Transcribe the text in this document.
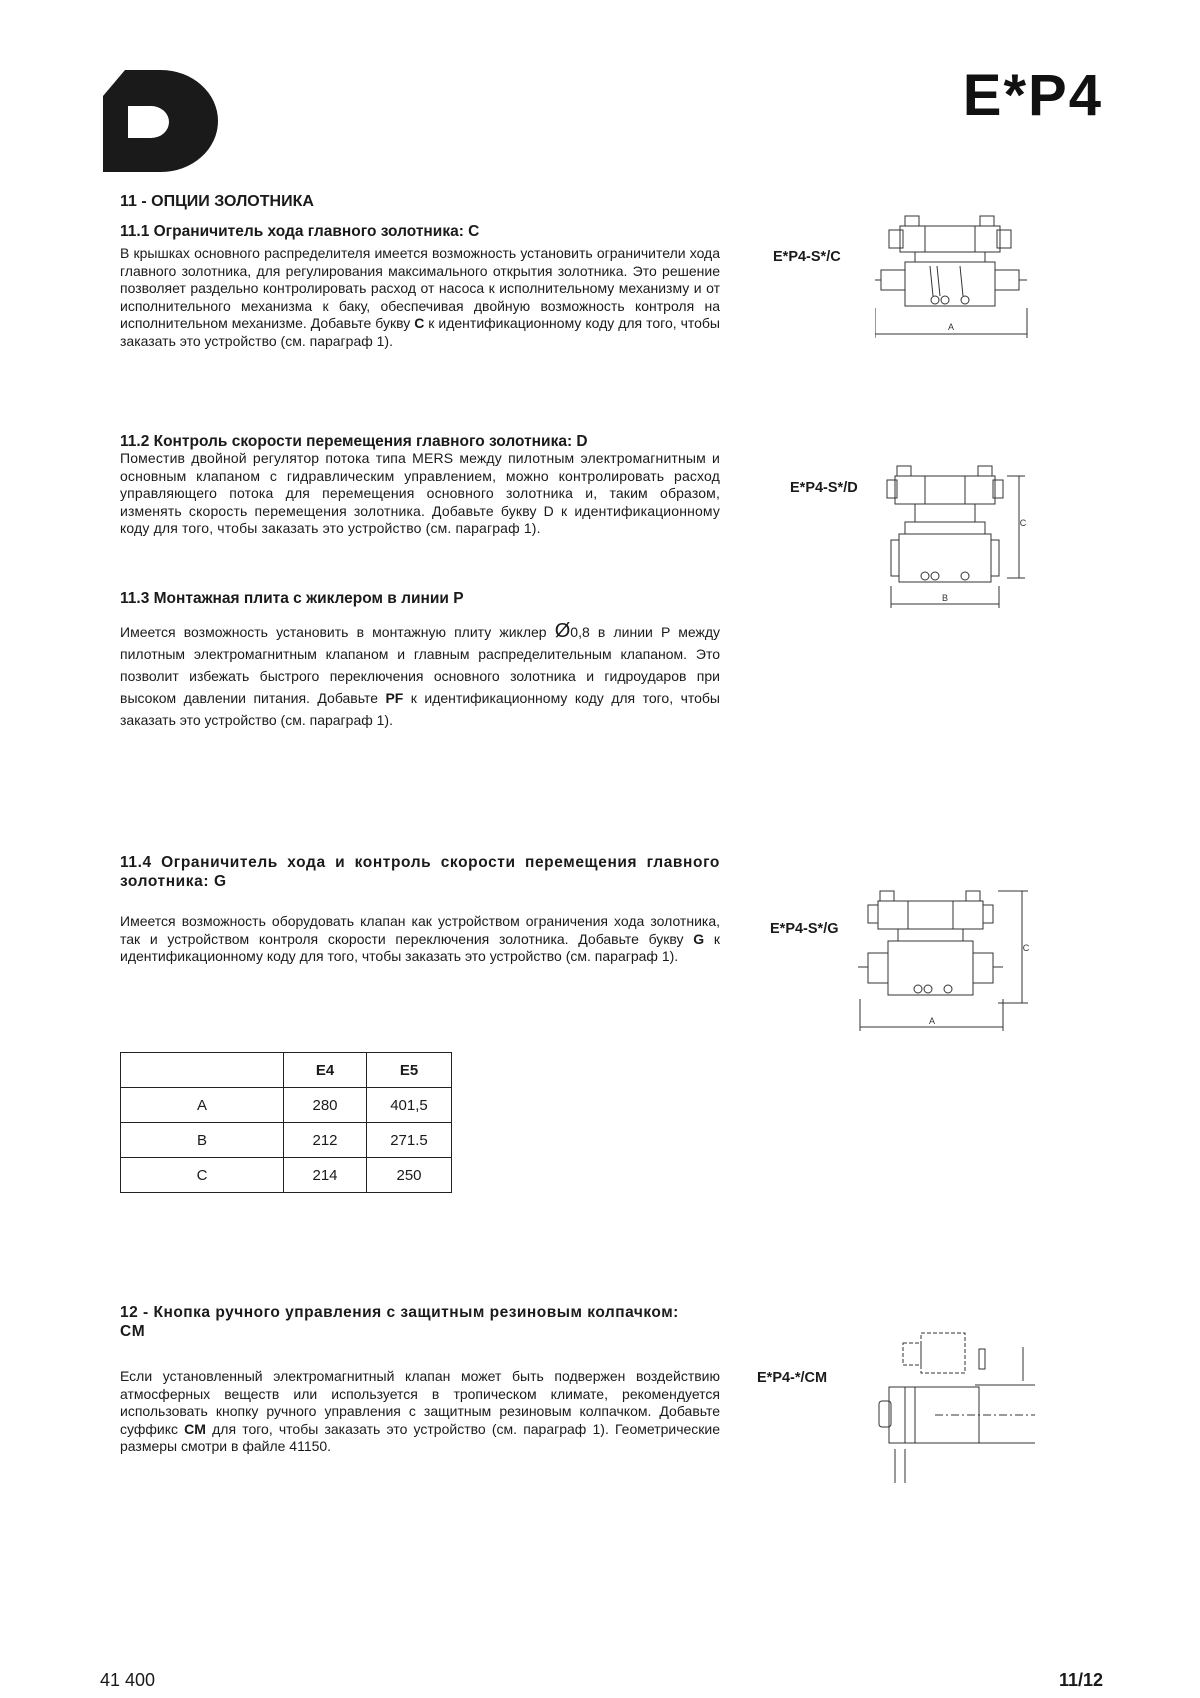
E*P4
11 - ОПЦИИ ЗОЛОТНИКА
11.1 Ограничитель хода главного золотника: С
В крышках основного распределителя имеется возможность установить ограничители хода главного золотника, для регулирования максимального открытия золотника. Это решение позволяет раздельно контролировать расход от насоса к исполнительному механизму и от исполнительного механизма к баку, обеспечивая двойную возможность контроля на исполнительном механизме. Добавьте букву C к идентификационному коду для того, чтобы заказать это устройство (см. параграф 1).
E*P4-S*/C
A
11.2 Контроль скорости перемещения главного золотника: D
Поместив двойной регулятор потока типа MERS между пилотным электромагнитным и основным клапаном с гидравлическим управлением, можно контролировать расход управляющего потока для перемещения основного золотника и, таким образом, изменять скорость перемещения золотника. Добавьте букву D к идентификационному коду для того, чтобы заказать это устройство (см. параграф 1).
E*P4-S*/D
C
B
11.3 Монтажная плита с жиклером в линии P
Имеется возможность установить в монтажную плиту жиклер Ø0,8 в линии P между пилотным электромагнитным клапаном и главным распределительным клапаном. Это позволит избежать быстрого переключения основного золотника и гидроударов при высоком давлении питания. Добавьте PF к идентификационному коду для того, чтобы заказать это устройство (см. параграф 1).
11.4 Ограничитель хода и контроль скорости перемещения главного золотника: G
Имеется возможность оборудовать клапан как устройством ограничения хода золотника, так и устройством контроля скорости переключения золотника. Добавьте букву G к идентификационному коду для того, чтобы заказать это устройство (см. параграф 1).
E*P4-S*/G
C
A
	E4	E5
A	280	401,5
B	212	271.5
C	214	250
12 - Кнопка ручного управления с защитным резиновым колпачком: CM
Если установленный электромагнитный клапан может быть подвержен воздействию атмосферных веществ или используется в тропическом климате, рекомендуется использовать кнопку ручного управления с защитным резиновым колпачком. Добавьте суффикс CM для того, чтобы заказать это устройство (см. параграф 1). Геометрические размеры смотри в файле 41150.
E*P4-*/CM
41 400	11/12
